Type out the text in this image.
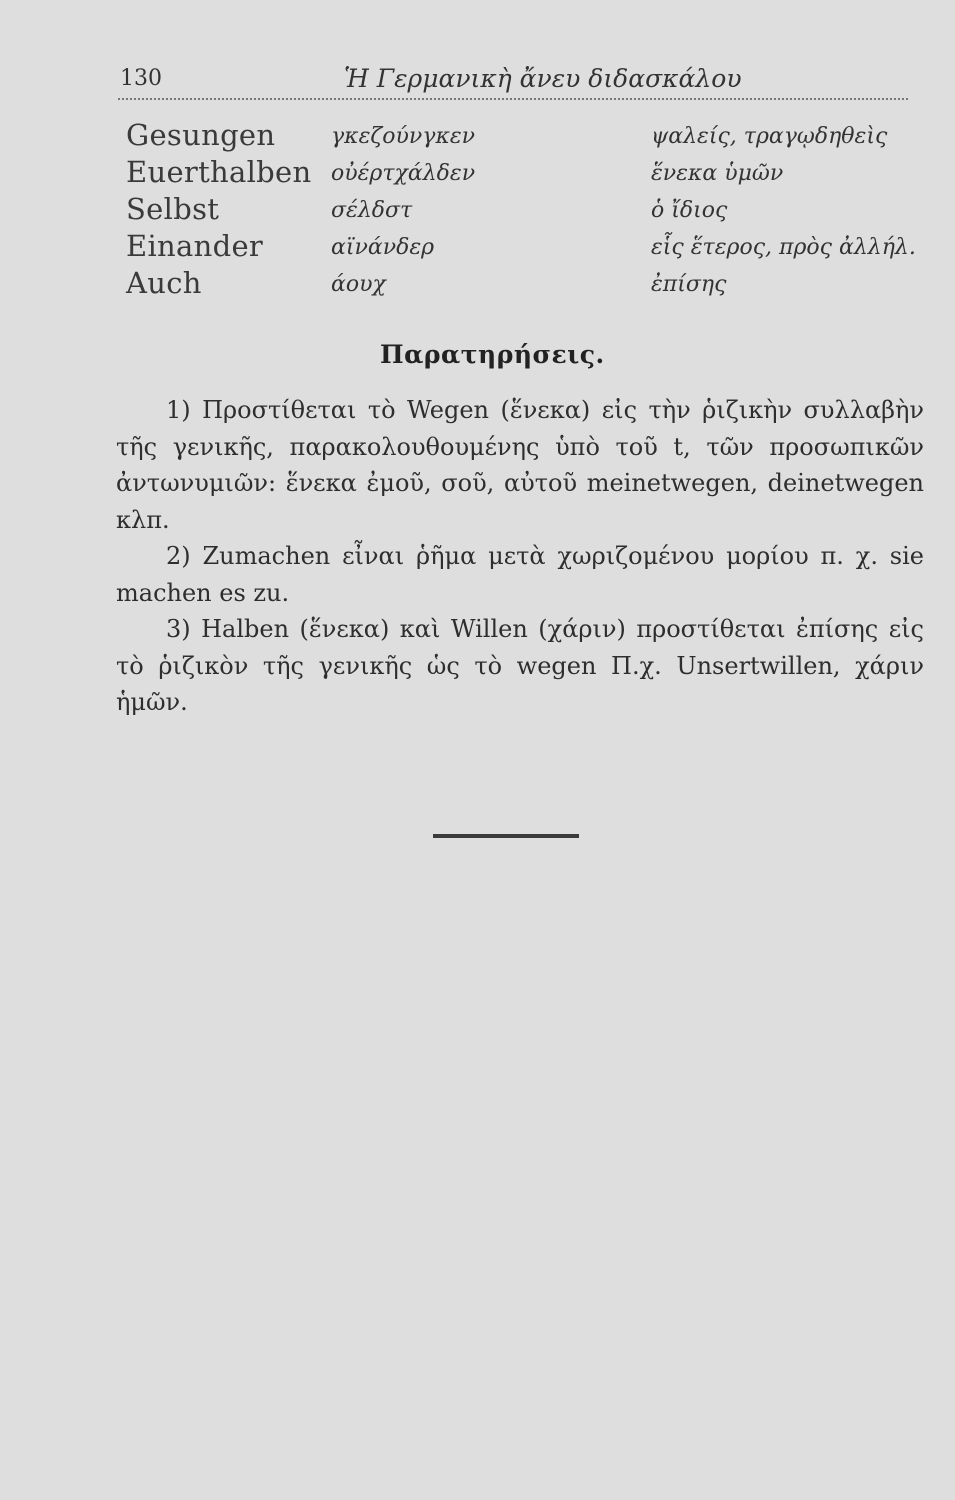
130	Ἡ Γερμανικὴ ἄνευ διδασκάλου
Gesungen	γκεζούνγκεν	ψαλείς, τραγῳδηθεὶς
Euerthalben οὐέρτχάλδεν	ἕνεκα ὑμῶν
Selbst	σέλδστ	ὁ ἴδιος
Einander	αϊνάνδερ	εἷς ἕτερος, πρὸς ἀλλήλ.
Auch	άουχ	ἐπίσης
Παρατηρήσεις.

1) Προστίθεται τὸ Wegen (ἕνεκα) εἰς τὴν ῥιζικὴν συλλαβὴν τῆς γενικῆς, παρακολουθουμένης ὑπὸ τοῦ t, τῶν προσωπικῶν ἀντωνυμιῶν: ἕνεκα ἐμοῦ, σοῦ, αὐτοῦ meinetwegen, deinetwegen κλπ.

2) Zumachen εἶναι ῥῆμα μετὰ χωριζομένου μορίου π. χ. sie machen es zu.

3) Halben (ἕνεκα) καὶ Willen (χάριν) προστίθεται ἐπίσης εἰς τὸ ῥιζικὸν τῆς γενικῆς ὡς τὸ wegen Π.χ. Unsertwillen, χάριν ἡμῶν.
